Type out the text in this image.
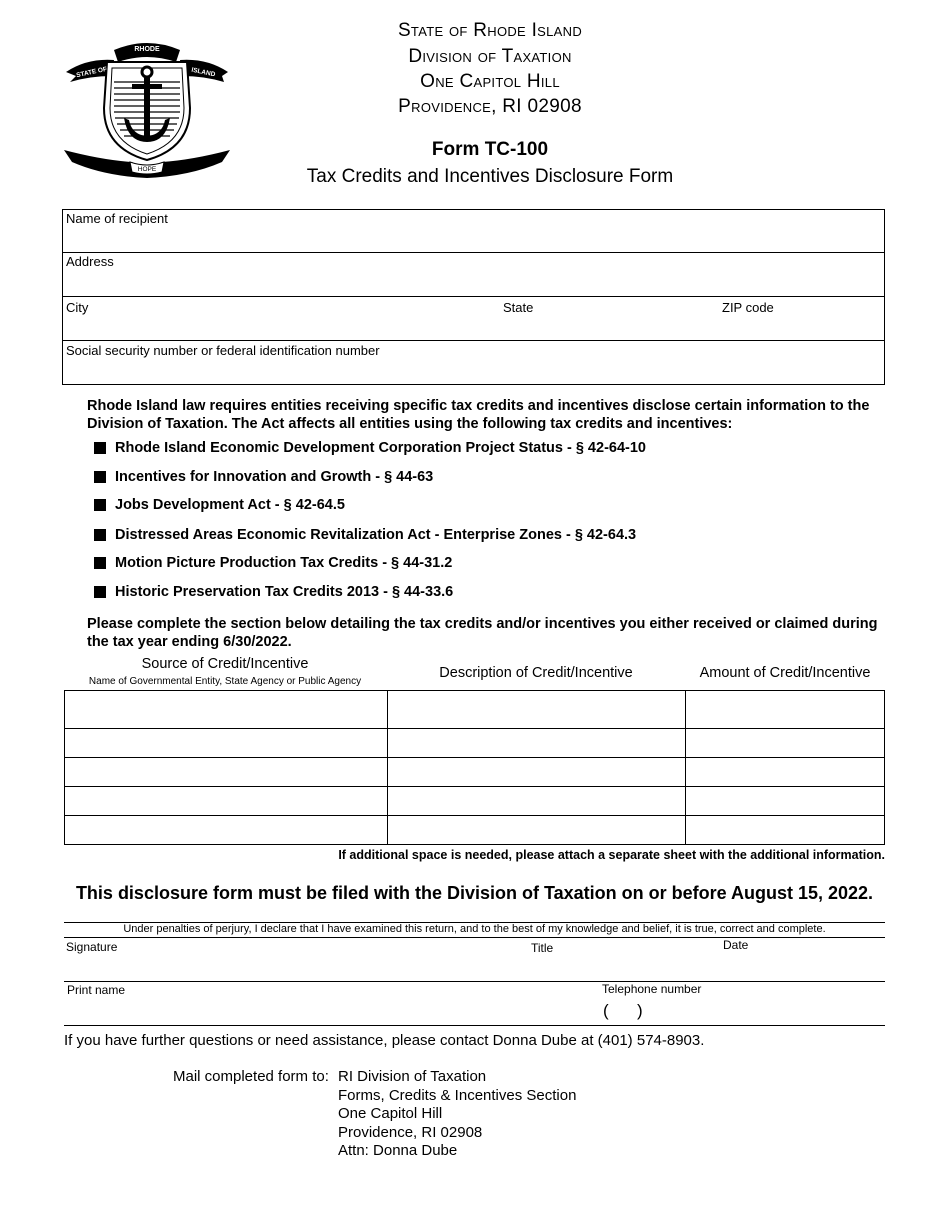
RHODE
STATE OF	ISLAND
HOPE
State of Rhode Island
Division of Taxation
One Capitol Hill
Providence, RI 02908
Form TC-100
Tax Credits and Incentives Disclosure Form
Name of recipient
Address
City	State	ZIP code
Social security number or federal identification number
Rhode Island law requires entities receiving specific tax credits and incentives disclose certain information to the Division of Taxation. The Act affects all entities using the following tax credits and incentives:
Rhode Island Economic Development Corporation Project Status - § 42-64-10
Incentives for Innovation and Growth - § 44-63
Jobs Development Act - § 42-64.5
Distressed Areas Economic Revitalization Act - Enterprise Zones - § 42-64.3
Motion Picture Production Tax Credits - § 44-31.2
Historic Preservation Tax Credits 2013 - § 44-33.6
Please complete the section below detailing the tax credits and/or incentives you either received or claimed during the tax year ending 6/30/2022.
Source of Credit/Incentive
Name of Governmental Entity, State Agency or Public Agency
Description of Credit/Incentive	Amount of Credit/Incentive

If additional space is needed, please attach a separate sheet with the additional information.
This disclosure form must be filed with the Division of Taxation on or before August 15, 2022.
Under penalties of perjury, I declare that I have examined this return, and to the best of my knowledge and belief, it is true, correct and complete.
Signature	Title	Date
Print name	Telephone number
(      )
If you have further questions or need assistance, please contact Donna Dube at (401) 574-8903.
Mail completed form to: RI Division of Taxation
Forms, Credits & Incentives Section
One Capitol Hill
Providence, RI 02908
Attn: Donna Dube
